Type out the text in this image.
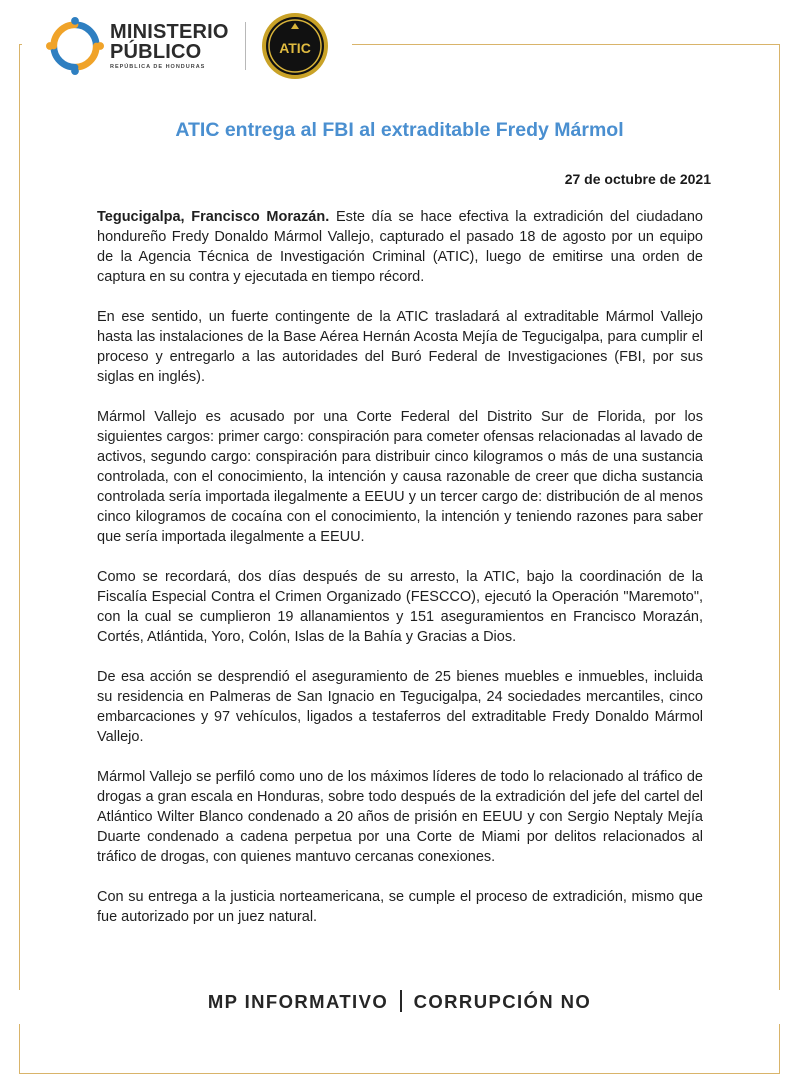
MINISTERIO
PÚBLICO
REPÚBLICA DE HONDURAS
ATIC
ATIC entrega al FBI al extraditable Fredy Mármol
27 de octubre de 2021

Tegucigalpa, Francisco Morazán. Este día se hace efectiva la extradición del ciudadano hondureño Fredy Donaldo Mármol Vallejo, capturado el pasado 18 de agosto por un equipo de la Agencia Técnica de Investigación Criminal (ATIC), luego de emitirse una orden de captura en su contra y ejecutada en tiempo récord.

En ese sentido, un fuerte contingente de la ATIC trasladará al extraditable Mármol Vallejo hasta las instalaciones de la Base Aérea Hernán Acosta Mejía de Tegucigalpa, para cumplir el proceso y entregarlo a las autoridades del Buró Federal de Investigaciones (FBI, por sus siglas en inglés).

Mármol Vallejo es acusado por una Corte Federal del Distrito Sur de Florida, por los siguientes cargos: primer cargo: conspiración para cometer ofensas relacionadas al lavado de activos, segundo cargo: conspiración para distribuir cinco kilogramos o más de una sustancia controlada, con el conocimiento, la intención y causa razonable de creer que dicha sustancia controlada sería importada ilegalmente a EEUU y un tercer cargo de: distribución de al menos cinco kilogramos de cocaína con el conocimiento, la intención y teniendo razones para saber que sería importada ilegalmente a EEUU.

Como se recordará, dos días después de su arresto, la ATIC, bajo la coordinación de la Fiscalía Especial Contra el Crimen Organizado (FESCCO), ejecutó la Operación "Maremoto", con la cual se cumplieron 19 allanamientos y 151 aseguramientos en Francisco Morazán, Cortés, Atlántida, Yoro, Colón, Islas de la Bahía y Gracias a Dios.

De esa acción se desprendió el aseguramiento de 25 bienes muebles e inmuebles, incluida su residencia en Palmeras de San Ignacio en Tegucigalpa, 24 sociedades mercantiles, cinco embarcaciones y 97 vehículos, ligados a testaferros del extraditable Fredy Donaldo Mármol Vallejo.

Mármol Vallejo se perfiló como uno de los máximos líderes de todo lo relacionado al tráfico de drogas a gran escala en Honduras, sobre todo después de la extradición del jefe del cartel del Atlántico Wilter Blanco condenado a 20 años de prisión en EEUU y con Sergio Neptaly Mejía Duarte condenado a cadena perpetua por una Corte de Miami por delitos relacionados al tráfico de drogas, con quienes mantuvo cercanas conexiones.

Con su entrega a la justicia norteamericana, se cumple el proceso de extradición, mismo que fue autorizado por un juez natural.

MP INFORMATIVO CORRUPCIÓN NO
